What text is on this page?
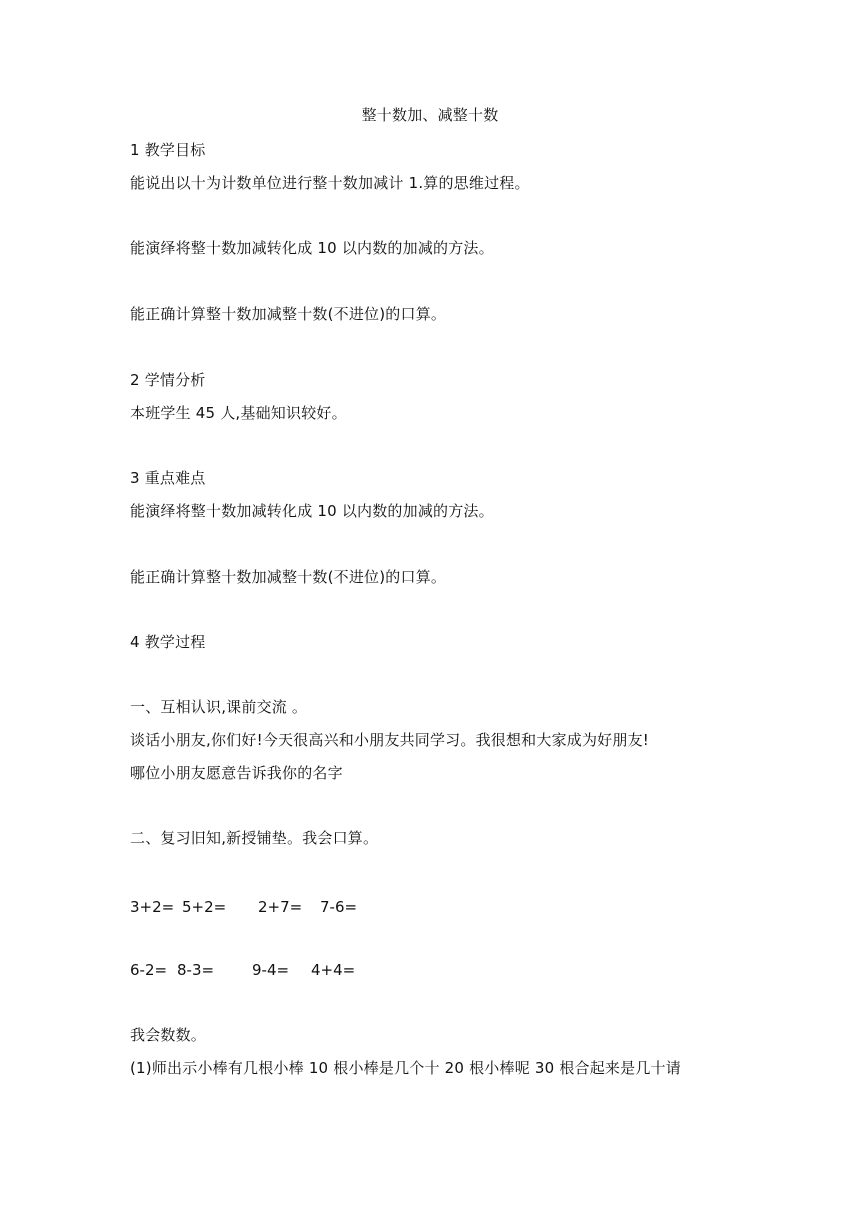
整十数加、减整十数
1 教学目标
能说出以十为计数单位进行整十数加减计 1.算的思维过程。
能演绎将整十数加减转化成 10 以内数的加减的方法。
能正确计算整十数加减整十数(不进位)的口算。
2 学情分析
本班学生 45 人,基础知识较好。
3 重点难点
能演绎将整十数加减转化成 10 以内数的加减的方法。
能正确计算整十数加减整十数(不进位)的口算。
4 教学过程
一、互相认识,课前交流 。
谈话小朋友,你们好!今天很高兴和小朋友共同学习。我很想和大家成为好朋友!
哪位小朋友愿意告诉我你的名字
二、复习旧知,新授铺垫。我会口算。
3+2= 5+2= 2+7= 7-6=
6-2= 8-3=	9-4= 4+4=
我会数数。
(1)师出示小棒有几根小棒 10 根小棒是几个十 20 根小棒呢 30 根合起来是几十请
